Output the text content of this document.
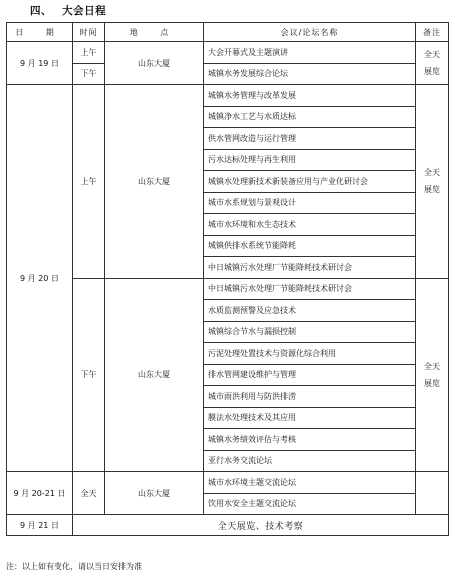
四、 大会日程
日 期	时间	地 点	会议/论坛名称	备注
9 月 19 日	上午	山东大厦	大会开幕式及主题演讲	全天
展览

	下午		城镇水务发展综合论坛	
9 月 20 日	上午	山东大厦	城镇水务管理与改革发展	全天
展览

			城镇净水工艺与水质达标	
			供水管网改造与运行管理	
			污水达标处理与再生利用	
			城镇水处理新技术新装备应用与产业化研讨会	
			城市水系规划与景观设计	
			城市水环境和水生态技术	
			城镇供排水系统节能降耗	
			中日城镇污水处理厂节能降耗技术研讨会	
	下午	山东大厦	中日城镇污水处理厂节能降耗技术研讨会	全天
展览

			水质监测预警及应急技术	
			城镇综合节水与漏损控制	
			污泥处理处置技术与资源化综合利用	
			排水管网建设维护与管理	
			城市雨洪利用与防洪排涝	
			膜法水处理技术及其应用	
			城镇水务绩效评估与考核	
			亚行水务交流论坛	
9 月 20-21 日	全天	山东大厦	城市水环境主题交流论坛	
			饮用水安全主题交流论坛	
9 月 21 日	全天展览、技术考察			
注：以上如有变化，请以当日安排为准
